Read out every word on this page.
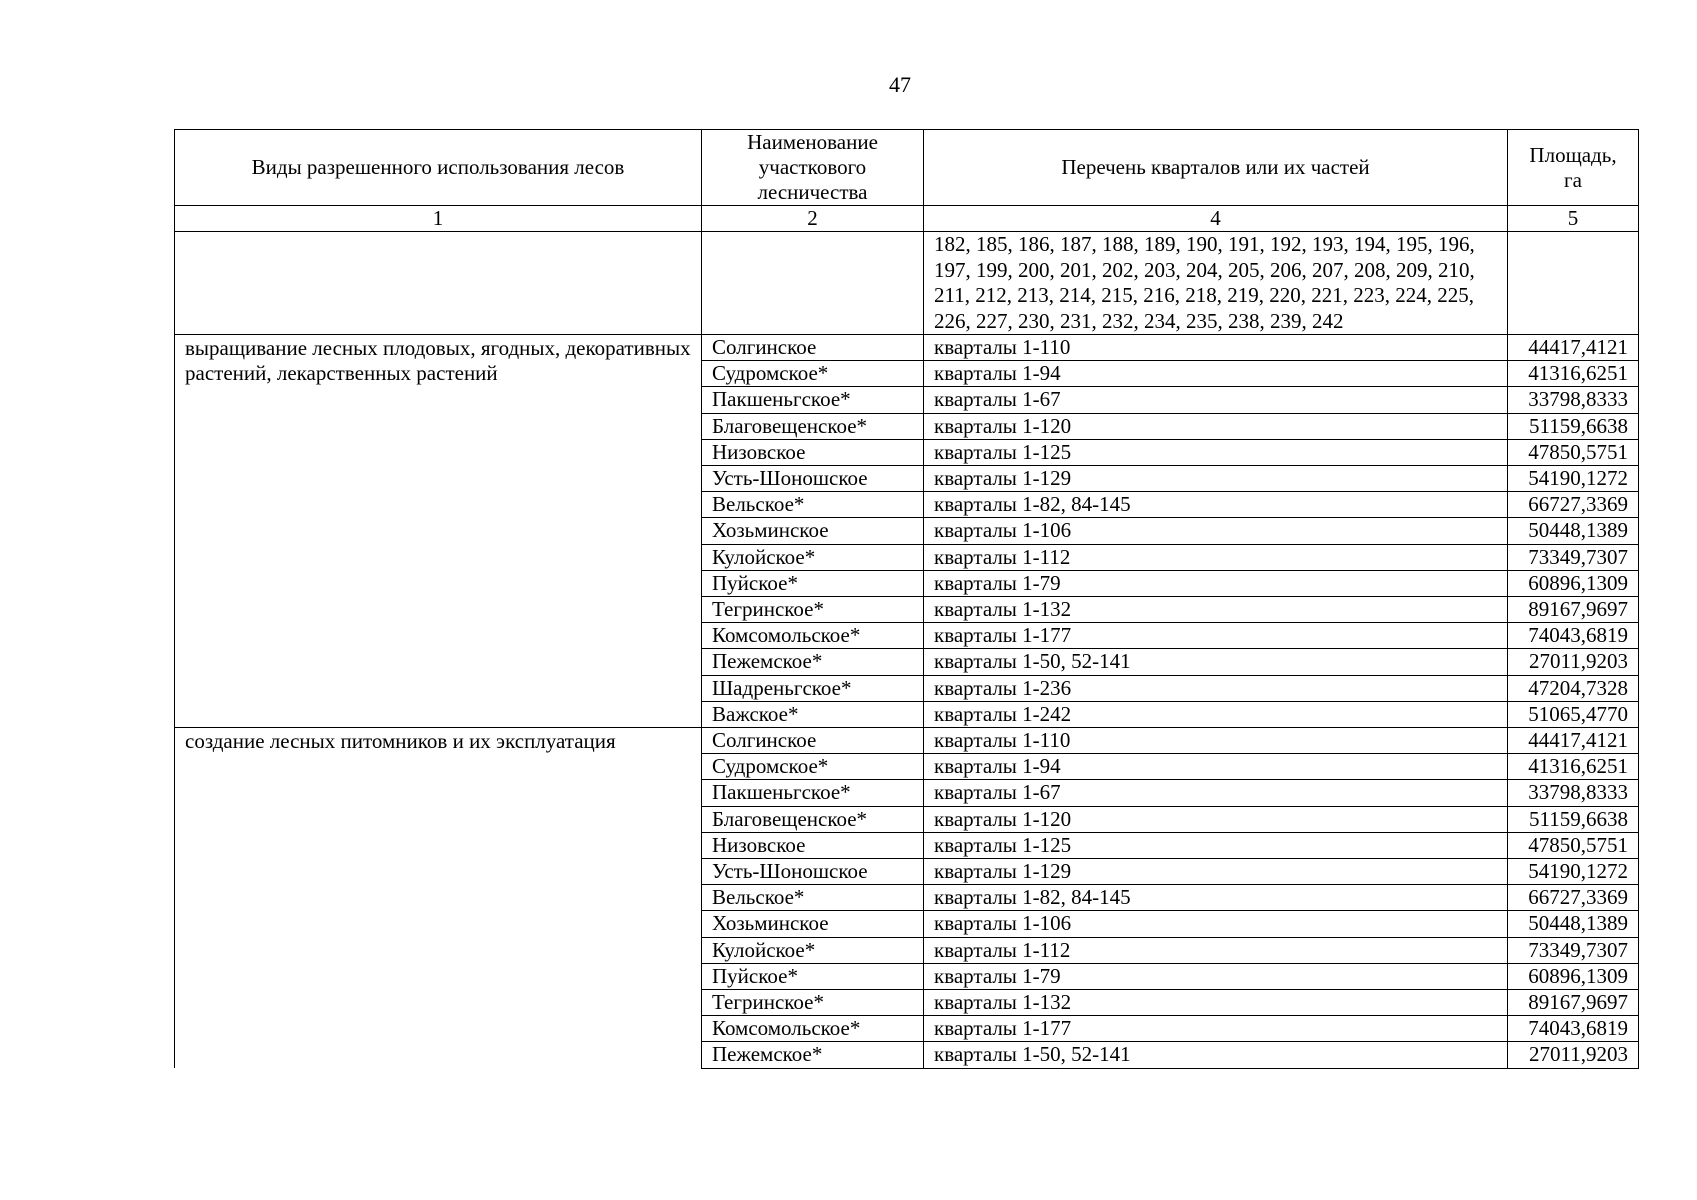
47
Виды разрешенного использования лесов	Наименование участкового лесничества	Перечень кварталов или их частей	Площадь, га
1	2	4	5
		182, 185, 186, 187, 188, 189, 190, 191, 192, 193, 194, 195, 196, 197, 199, 200, 201, 202, 203, 204, 205, 206, 207, 208, 209, 210, 211, 212, 213, 214, 215, 216, 218, 219, 220, 221, 223, 224, 225, 226, 227, 230, 231, 232, 234, 235, 238, 239, 242	
выращивание лесных плодовых, ягодных, декоративных растений, лекарственных растений	Солгинское	кварталы 1-110	44417,4121
	Судромское*	кварталы 1-94	41316,6251
	Пакшеньгское*	кварталы 1-67	33798,8333
	Благовещенское*	кварталы 1-120	51159,6638
	Низовское	кварталы 1-125	47850,5751
	Усть-Шоношское	кварталы 1-129	54190,1272
	Вельское*	кварталы 1-82, 84-145	66727,3369
	Хозьминское	кварталы 1-106	50448,1389
	Кулойское*	кварталы 1-112	73349,7307
	Пуйское*	кварталы 1-79	60896,1309
	Тегринское*	кварталы 1-132	89167,9697
	Комсомольское*	кварталы 1-177	74043,6819
	Пежемское*	кварталы 1-50, 52-141	27011,9203
	Шадреньгское*	кварталы 1-236	47204,7328
	Важское*	кварталы 1-242	51065,4770
создание лесных питомников и их эксплуатация	Солгинское	кварталы 1-110	44417,4121
	Судромское*	кварталы 1-94	41316,6251
	Пакшеньгское*	кварталы 1-67	33798,8333
	Благовещенское*	кварталы 1-120	51159,6638
	Низовское	кварталы 1-125	47850,5751
	Усть-Шоношское	кварталы 1-129	54190,1272
	Вельское*	кварталы 1-82, 84-145	66727,3369
	Хозьминское	кварталы 1-106	50448,1389
	Кулойское*	кварталы 1-112	73349,7307
	Пуйское*	кварталы 1-79	60896,1309
	Тегринское*	кварталы 1-132	89167,9697
	Комсомольское*	кварталы 1-177	74043,6819
	Пежемское*	кварталы 1-50, 52-141	27011,9203
